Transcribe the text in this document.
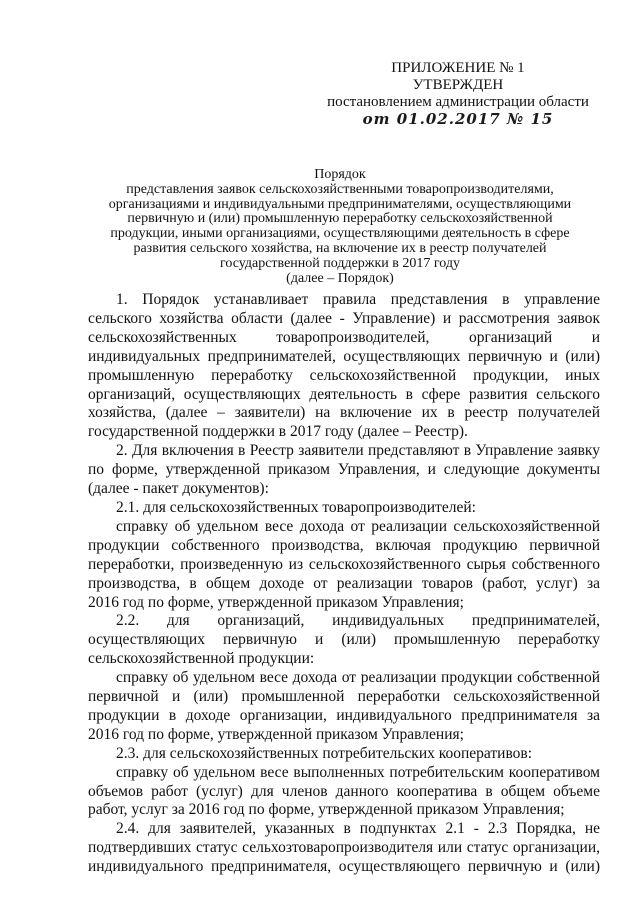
ПРИЛОЖЕНИЕ № 1
УТВЕРЖДЕН
постановлением администрации области
от 01.02.2017 № 15
Порядок
представления заявок сельскохозяйственными товаропроизводителями,
организациями и индивидуальными предпринимателями, осуществляющими
первичную и (или) промышленную переработку сельскохозяйственной
продукции, иными организациями, осуществляющими деятельность в сфере
развития сельского хозяйства, на включение их в реестр получателей
государственной поддержки в 2017 году
(далее – Порядок)
1. Порядок устанавливает правила представления в управление
сельского хозяйства области (далее - Управление) и рассмотрения заявок
сельскохозяйственных товаропроизводителей, организаций и
индивидуальных предпринимателей, осуществляющих первичную и (или)
промышленную переработку сельскохозяйственной продукции, иных
организаций, осуществляющих деятельность в сфере развития сельского
хозяйства, (далее – заявители) на включение их в реестр получателей
государственной поддержки в 2017 году (далее – Реестр).
2. Для включения в Реестр заявители представляют в Управление заявку
по форме, утвержденной приказом Управления, и следующие документы
(далее - пакет документов):
2.1. для сельскохозяйственных товаропроизводителей:
справку об удельном весе дохода от реализации сельскохозяйственной
продукции собственного производства, включая продукцию первичной
переработки, произведенную из сельскохозяйственного сырья собственного
производства, в общем доходе от реализации товаров (работ, услуг) за
2016 год по форме, утвержденной приказом Управления;
2.2. для организаций, индивидуальных предпринимателей,
осуществляющих первичную и (или) промышленную переработку
сельскохозяйственной продукции:
справку об удельном весе дохода от реализации продукции собственной
первичной и (или) промышленной переработки сельскохозяйственной
продукции в доходе организации, индивидуального предпринимателя за
2016 год по форме, утвержденной приказом Управления;
2.3. для сельскохозяйственных потребительских кооперативов:
справку об удельном весе выполненных потребительским кооперативом
объемов работ (услуг) для членов данного кооператива в общем объеме
работ, услуг за 2016 год по форме, утвержденной приказом Управления;
2.4. для заявителей, указанных в подпунктах 2.1 - 2.3 Порядка, не
подтвердивших статус сельхозтоваропроизводителя или статус организации,
индивидуального предпринимателя, осуществляющего первичную и (или)
